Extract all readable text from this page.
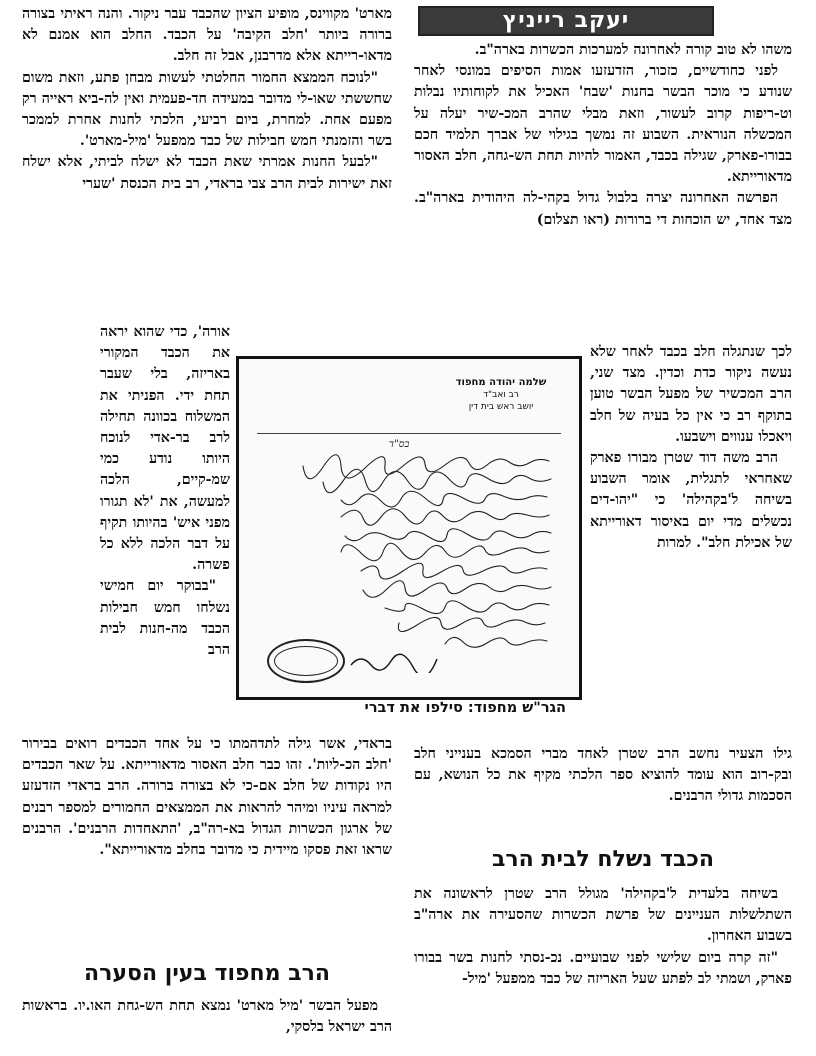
יעקב רייניץ

משהו לא טוב קורה לאחרונה למערכות הכשרות בארה"ב.

לפני כחודשיים, כזכור, הזדעזעו אמות הסיפים במונסי לאחר שנודע כי מוכר הבשר בחנות 'שבח' האכיל את לקוחותיו נבלות וט-ריפות קרוב לעשור, וזאת מבלי שהרב המכ-שיר יעלה על המכשלה הנוראית. השבוע זה נמשך בגילוי של אברך תלמיד חכם בבורו-פארק, שגילה בכבד, האמור להיות תחת הש-גחה, חלב האסור מדאורייתא.

הפרשה האחרונה יצרה בלבול גדול בקהי-לה היהודית בארה"ב. מצד אחד, יש הוכחות די ברורות (ראו תצלום)

לכך שנתגלה חלב בכבד לאחר שלא נעשה ניקור כדת וכדין. מצד שני, הרב המכשיר של מפעל הבשר טוען בתוקף רב כי אין כל בעיה של חלב ויאכלו ענווים וישבעו.

הרב משה דוד שטרן מבורו פארק שאחראי לתגלית, אומר השבוע בשיחה ל'בקהילה' כי "יהו-דים נכשלים מדי יום באיסור דאורייתא של אכילת חלב". למרות

גילו הצעיר נחשב הרב שטרן לאחד מברי הסמכא בענייני חלב ובק-רוב הוא עומד להוציא ספר הלכתי מקיף את כל הנושא, עם הסכמות גדולי הרבנים.

הכבד נשלח לבית הרב

בשיחה בלעדית ל'בקהילה' מגולל הרב שטרן לראשונה את השתלשלות העניינים של פרשת הכשרות שהסעירה את ארה"ב בשבוע האחרון.

"זה קרה ביום שלישי לפני שבועיים. נכ-נסתי לחנות בשר בבורו פארק, ושמתי לב לפתע שעל האריזה של כבד ממפעל 'מיל-

מארט' מקווינס, מופיע הציון שהכבד עבר ניקור. והנה ראיתי בצורה ברורה ביותר 'חלב הקיבה' על הכבד. החלב הוא אמנם לא מדאו-רייתא אלא מדרבנן, אבל זה חלב.

"לנוכח הממצא החמור החלטתי לעשות מבחן פתע, וזאת משום שחששתי שאו-לי מדובר במעידה חד-פעמית ואין לה-ביא ראייה רק מפעם אחת. למחרת, ביום רביעי, הלכתי לחנות אחרת לממכר בשר והזמנתי חמש חבילות של כבד ממפעל 'מיל-מארט'.

"לבעל החנות אמרתי שאת הכבד לא ישלח לביתי, אלא ישלח זאת ישירות לבית הרב צבי בראדי, רב בית הכנסת 'שערי

אורה', כדי שהוא יראה את הכבד המקורי באריזה, בלי שעבר תחת ידי. הפניתי את המשלוח בכוונה תחילה לרב בר-אדי לנוכח היותו נודע כמי שמ-קיים, הלכה למעשה, את 'לא תגורו מפני איש' בהיותו תקיף על דבר הלכה ללא כל פשרה.

"בבוקר יום חמישי נשלחו חמש חבילות הכבד מה-חנות לבית הרב

בראדי, אשר גילה לתדהמתו כי על אחד הכבדים רואים בבירור 'חלב הכ-ליות'. זהו כבר חלב האסור מדאורייתא. על שאר הכבדים היו נקודות של חלב אם-כי לא בצורה ברורה. הרב בראדי הזדעזע למראה עיניו ומיהר להראות את הממצאים החמורים למספר רבנים של ארגון הכשרות הגדול בא-רה"ב, 'התאחדות הרבנים'. הרבנים שראו זאת פסקו מיידית כי מדובר בחלב מדאורייתא".

הרב מחפוד בעין הסערה

מפעל הבשר 'מיל מארט' נמצא תחת הש-גחת האו.יו. בראשות הרב ישראל בלסקי,

שלמה יהודה מחפוד
רב ואב"ד
יושב ראש בית דין
בס"ד
הגר"ש מחפוד: סילפו את דברי
